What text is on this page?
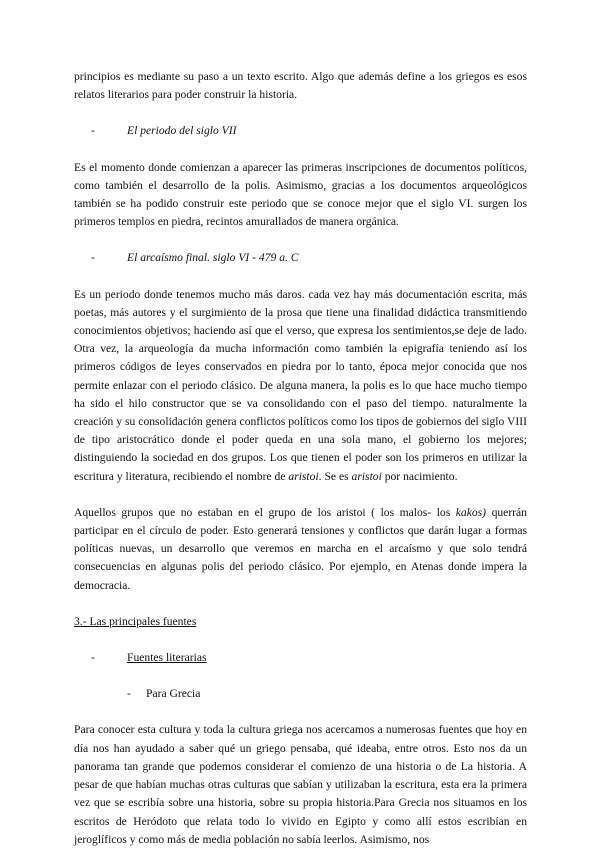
principios es mediante su paso a un texto escrito. Algo que además define a los griegos es esos relatos literarios para poder construir la historia.

-	El periodo del siglo VII

Es el momento donde comienzan a aparecer las primeras inscripciones de documentos políticos, como también el desarrollo de la polis. Asimismo, gracias a los documentos arqueológicos también se ha podido construir este periodo que se conoce mejor que el siglo VI. surgen los primeros templos en piedra, recintos amurallados de manera orgánica.

-	El arcaísmo final. siglo VI - 479 a. C

Es un periodo donde tenemos mucho más daros. cada vez hay más documentación escrita, más poetas, más autores y el surgimiento de la prosa que tiene una finalidad didáctica transmitiendo conocimientos objetivos; haciendo así que el verso, que expresa los sentimientos,se deje de lado. Otra vez, la arqueología da mucha información como también la epigrafía teniendo así los primeros códigos de leyes conservados en piedra por lo tanto, época mejor conocida que nos permite enlazar con el periodo clásico. De alguna manera, la polis es lo que hace mucho tiempo ha sido el hilo constructor que se va consolidando con el paso del tiempo. naturalmente la creación y su consolidación genera conflictos políticos como los tipos de gobiernos del siglo VIII de tipo aristocrático donde el poder queda en una sola mano, el gobierno los mejores; distinguiendo la sociedad en dos grupos. Los que tienen el poder son los primeros en utilizar la escritura y literatura, recibiendo el nombre de aristoi. Se es aristoi por nacimiento.

Aquellos grupos que no estaban en el grupo de los aristoi ( los malos- los kakos) querrán participar en el círculo de poder. Esto generará tensiones y conflictos que darán lugar a formas políticas nuevas, un desarrollo que veremos en marcha en el arcaísmo y que solo tendrá consecuencias en algunas polis del periodo clásico. Por ejemplo, en Atenas donde impera la democracia.

3.- Las principales fuentes

-	Fuentes literarias
-	Para Grecia

Para conocer esta cultura y toda la cultura griega nos acercamos a numerosas fuentes que hoy en día nos han ayudado a saber qué un griego pensaba, qué ideaba, entre otros. Esto nos da un panorama tan grande que podemos considerar el comienzo de una historia o de La historia. A pesar de que habían muchas otras culturas que sabían y utilizaban la escritura, esta era la primera vez que se escribía sobre una historia, sobre su propia historia.Para Grecia nos situamos en los escritos de Heródoto que relata todo lo vivido en Egipto y como allí estos escribían en jeroglíficos y como más de media población no sabía leerlos. Asimismo, nos
